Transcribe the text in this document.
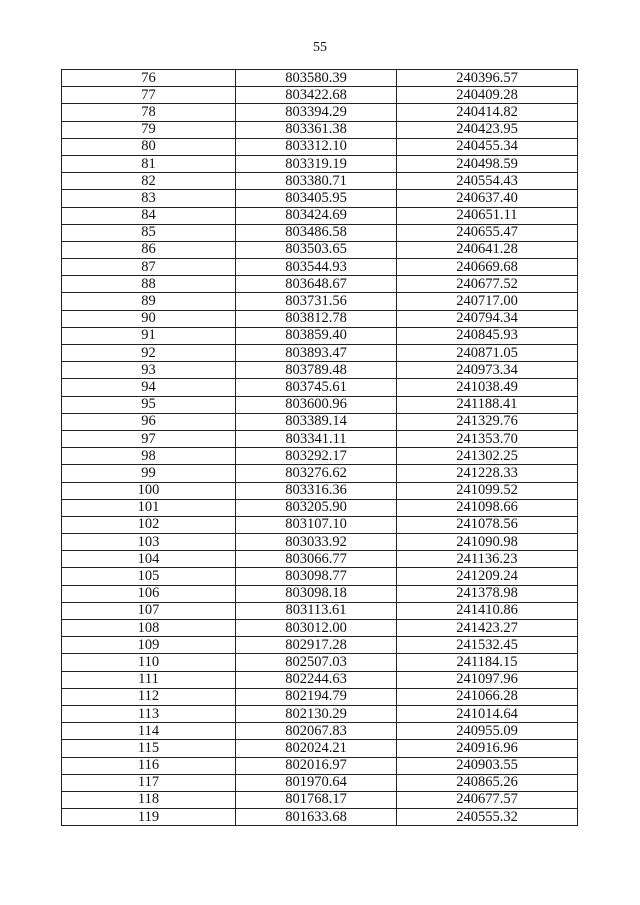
55
76	803580.39	240396.57
77	803422.68	240409.28
78	803394.29	240414.82
79	803361.38	240423.95
80	803312.10	240455.34
81	803319.19	240498.59
82	803380.71	240554.43
83	803405.95	240637.40
84	803424.69	240651.11
85	803486.58	240655.47
86	803503.65	240641.28
87	803544.93	240669.68
88	803648.67	240677.52
89	803731.56	240717.00
90	803812.78	240794.34
91	803859.40	240845.93
92	803893.47	240871.05
93	803789.48	240973.34
94	803745.61	241038.49
95	803600.96	241188.41
96	803389.14	241329.76
97	803341.11	241353.70
98	803292.17	241302.25
99	803276.62	241228.33
100	803316.36	241099.52
101	803205.90	241098.66
102	803107.10	241078.56
103	803033.92	241090.98
104	803066.77	241136.23
105	803098.77	241209.24
106	803098.18	241378.98
107	803113.61	241410.86
108	803012.00	241423.27
109	802917.28	241532.45
110	802507.03	241184.15
111	802244.63	241097.96
112	802194.79	241066.28
113	802130.29	241014.64
114	802067.83	240955.09
115	802024.21	240916.96
116	802016.97	240903.55
117	801970.64	240865.26
118	801768.17	240677.57
119	801633.68	240555.32
